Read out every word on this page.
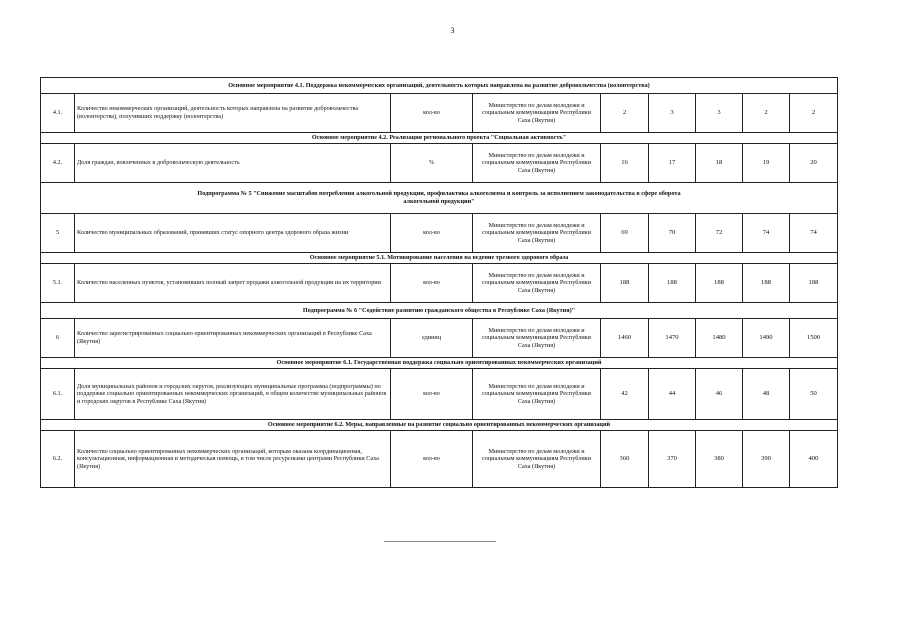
3
Основное мероприятие 4.1. Поддержка некоммерческих организаций, деятельность которых направлена на развитие добровольчества (волонтерства)								
4.1.	Количество некоммерческих организаций, деятельность которых направлена на развитие добровольчества (волонтерства), получивших поддержку (волонтерства)	кол-во	Министерство по делам молодежи и социальным коммуникациям Республики Саха (Якутия)	2	3	3	2	2
Основное мероприятие 4.2. Реализация регионального проекта "Социальная активность"								
4.2.	Доля граждан, вовлеченных в добровольческую деятельность	%	Министерство по делам молодежи и социальным коммуникациям Республики Саха (Якутия)	16	17	18	19	20
Подпрограмма № 5 "Снижение масштабов потребления алкогольной продукции, профилактика алкоголизма и контроль за исполнением законодательства в сфере оборота алкогольной продукции"								
5	Количество муниципальных образований, принявших статус опорного центра здорового образа жизни	кол-во	Министерство по делам молодежи и социальным коммуникациям Республики Саха (Якутия)	69	70	72	74	74
Основное мероприятие 5.1. Мотивирование населения на ведение трезвого здорового образа								
5.1.	Количество населенных пунктов, установивших полный запрет продажи алкогольной продукции на их территории	кол-во	Министерство по делам молодежи и социальным коммуникациям Республики Саха (Якутия)	188	188	188	188	188
Подпрограмма № 6 "Содействие развитию гражданского общества в Республике Саха (Якутия)"								
6	Количество зарегистрированных социально ориентированных некоммерческих организаций в Республике Саха (Якутия)	единиц	Министерство по делам молодежи и социальным коммуникациям Республики Саха (Якутия)	1460	1470	1480	1490	1500
Основное мероприятие 6.1. Государственная поддержка социально ориентированных некоммерческих организаций								
6.1.	Доля муниципальных районов и городских округов, реализующих муниципальные программы (подпрограммы) по поддержке социально ориентированных некоммерческих организаций, в общем количестве муниципальных районов и городских округов в Республике Саха (Якутия)	кол-во	Министерство по делам молодежи и социальным коммуникациям Республики Саха (Якутия)	42	44	46	48	50
Основное мероприятие 6.2. Меры, направленные на развитие социально ориентированных некоммерческих организаций								
6.2.	Количество социально ориентированных некоммерческих организаций, которым оказана координационная, консультационная, информационная и методическая помощь, в том числе ресурсными центрами Республики Саха (Якутия)	кол-во	Министерство по делам молодежи и социальным коммуникациям Республики Саха (Якутия)	360	370	380	390	400
